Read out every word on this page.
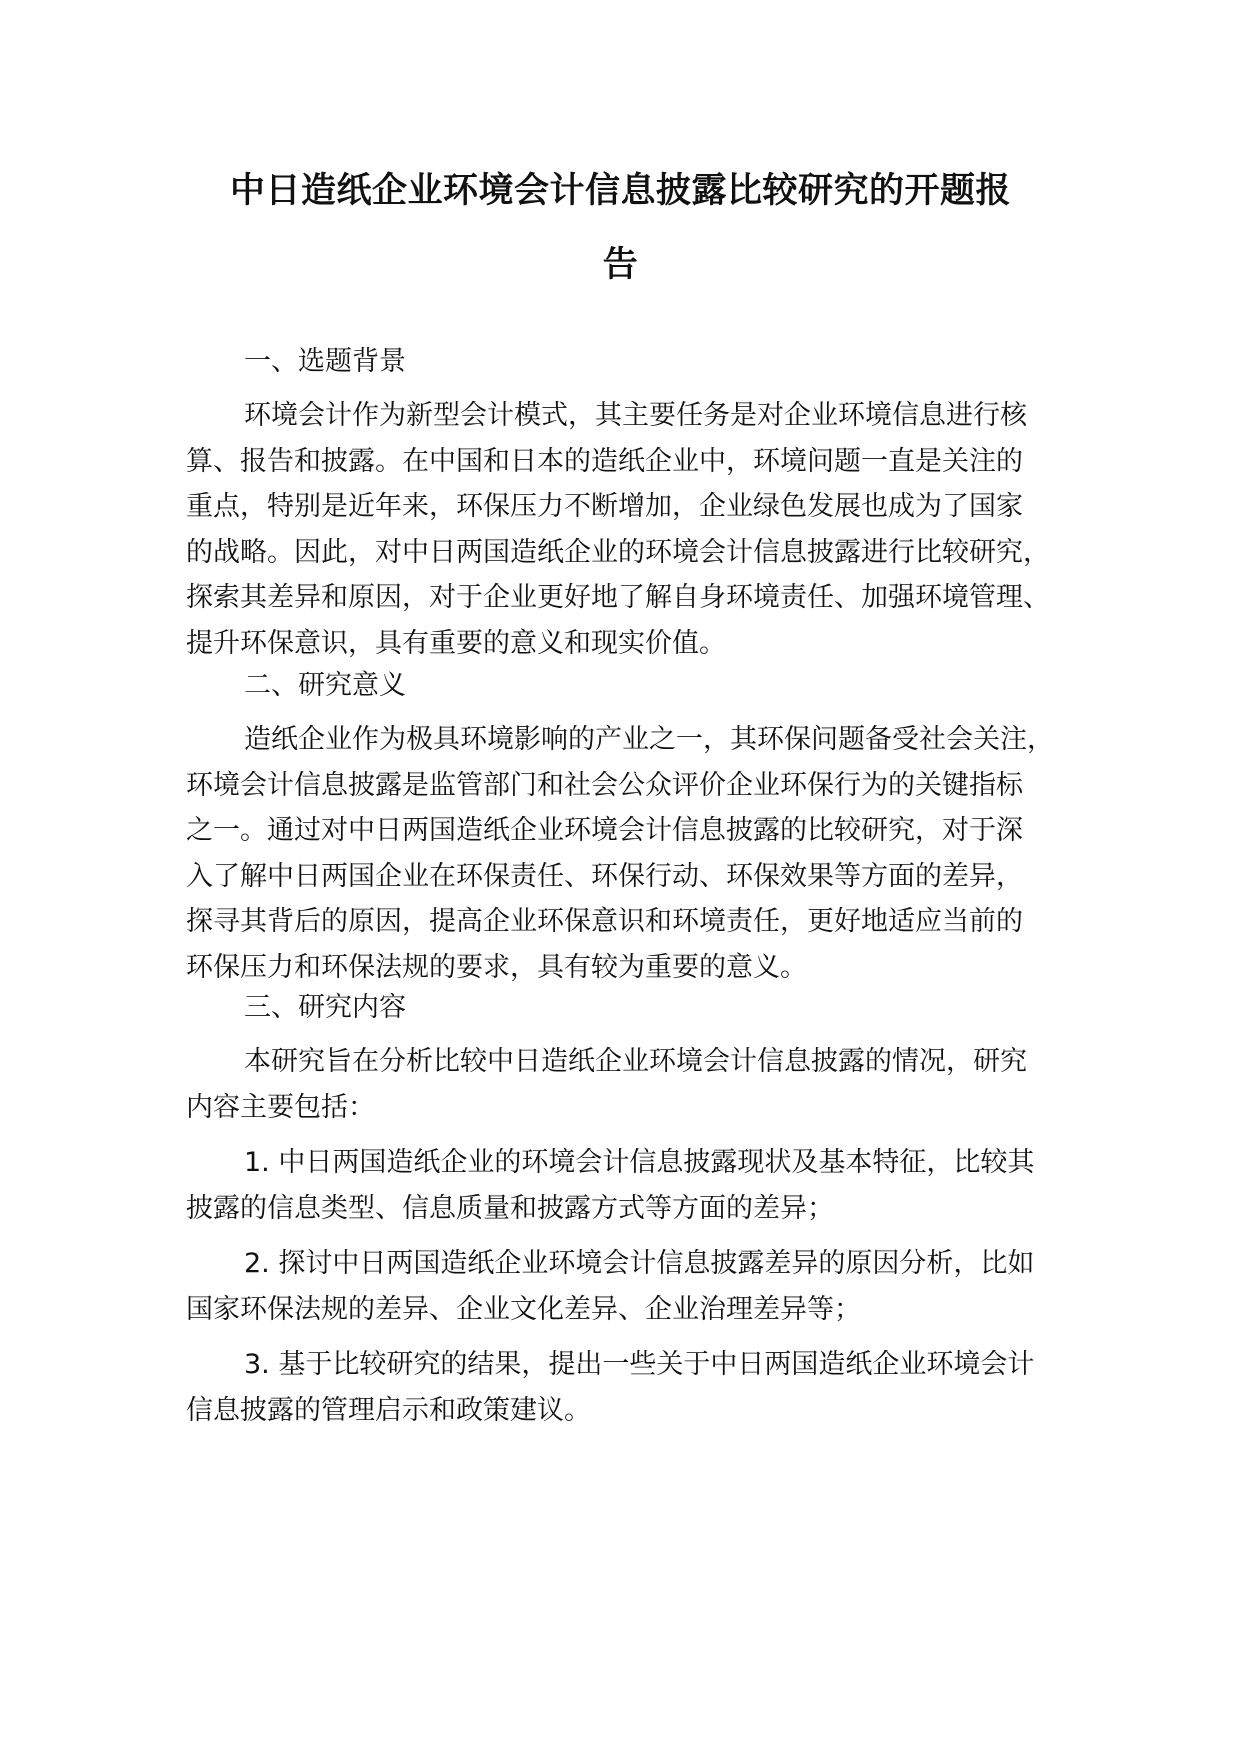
中日造纸企业环境会计信息披露比较研究的开题报
告
一、选题背景
环境会计作为新型会计模式，其主要任务是对企业环境信息进行核
算、报告和披露。在中国和日本的造纸企业中，环境问题一直是关注的
重点，特别是近年来，环保压力不断增加，企业绿色发展也成为了国家
的战略。因此，对中日两国造纸企业的环境会计信息披露进行比较研究，
探索其差异和原因，对于企业更好地了解自身环境责任、加强环境管理、
提升环保意识，具有重要的意义和现实价值。
二、研究意义
造纸企业作为极具环境影响的产业之一，其环保问题备受社会关注，
环境会计信息披露是监管部门和社会公众评价企业环保行为的关键指标
之一。通过对中日两国造纸企业环境会计信息披露的比较研究，对于深
入了解中日两国企业在环保责任、环保行动、环保效果等方面的差异，
探寻其背后的原因，提高企业环保意识和环境责任，更好地适应当前的
环保压力和环保法规的要求，具有较为重要的意义。
三、研究内容
本研究旨在分析比较中日造纸企业环境会计信息披露的情况，研究
内容主要包括：
1. 中日两国造纸企业的环境会计信息披露现状及基本特征，比较其
披露的信息类型、信息质量和披露方式等方面的差异；
2. 探讨中日两国造纸企业环境会计信息披露差异的原因分析，比如
国家环保法规的差异、企业文化差异、企业治理差异等；
3. 基于比较研究的结果，提出一些关于中日两国造纸企业环境会计
信息披露的管理启示和政策建议。
